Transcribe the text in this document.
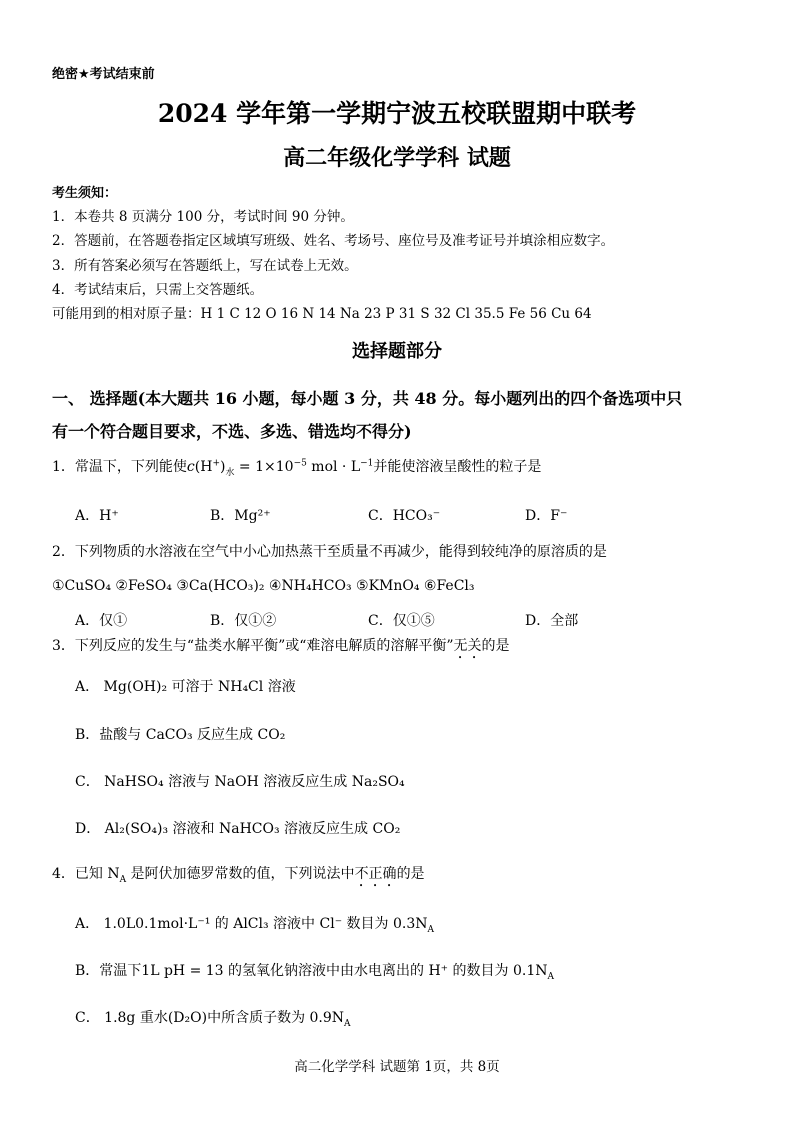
绝密★考试结束前
2024 学年第一学期宁波五校联盟期中联考
高二年级化学学科 试题
考生须知：
1．本卷共 8 页满分 100 分，考试时间 90 分钟。
2．答题前，在答题卷指定区域填写班级、姓名、考场号、座位号及准考证号并填涂相应数字。
3．所有答案必须写在答题纸上，写在试卷上无效。
4．考试结束后，只需上交答题纸。
可能用到的相对原子量：H 1 C 12 O 16 N 14 Na 23 P 31 S 32 Cl 35.5 Fe 56 Cu 64
选择题部分
一、 选择题(本大题共 16 小题，每小题 3 分，共 48 分。每小题列出的四个备选项中只
有一个符合题目要求，不选、多选、错选均不得分)
1．常温下，下列能使$c(H^+)_水 = 1\times 10^{-5}$ mol · $L^{-1}$并能使溶液呈酸性的粒子是
A．H⁺	B．Mg²⁺	C．HCO₃⁻	D．F⁻
2．下列物质的水溶液在空气中小心加热蒸干至质量不再减少，能得到较纯净的原溶质的是
①CuSO₄ ②FeSO₄ ③Ca(HCO₃)₂ ④NH₄HCO₃ ⑤KMnO₄ ⑥FeCl₃
A．仅①	B．仅①②	C．仅①⑤	D．全部
3．下列反应的发生与“盐类水解平衡”或“难溶电解质的溶解平衡”无关的是
A． Mg(OH)₂ 可溶于 NH₄Cl 溶液
B．盐酸与 CaCO₃ 反应生成 CO₂
C． NaHSO₄ 溶液与 NaOH 溶液反应生成 Na₂SO₄
D． Al₂(SO₄)₃ 溶液和 NaHCO₃ 溶液反应生成 CO₂
4．已知 $N_A$ 是阿伏加德罗常数的值，下列说法中不正确的是
A． 1.0L0.1mol·L⁻¹ 的 AlCl₃ 溶液中 Cl⁻ 数目为 $0.3N_A$
B．常温下1L pH = 13 的氢氧化钠溶液中由水电离出的 H⁺ 的数目为 $0.1N_A$
C． 1.8g 重水(D₂O)中所含质子数为 $0.9N_A$
高二化学学科 试题第 1页，共 8页
